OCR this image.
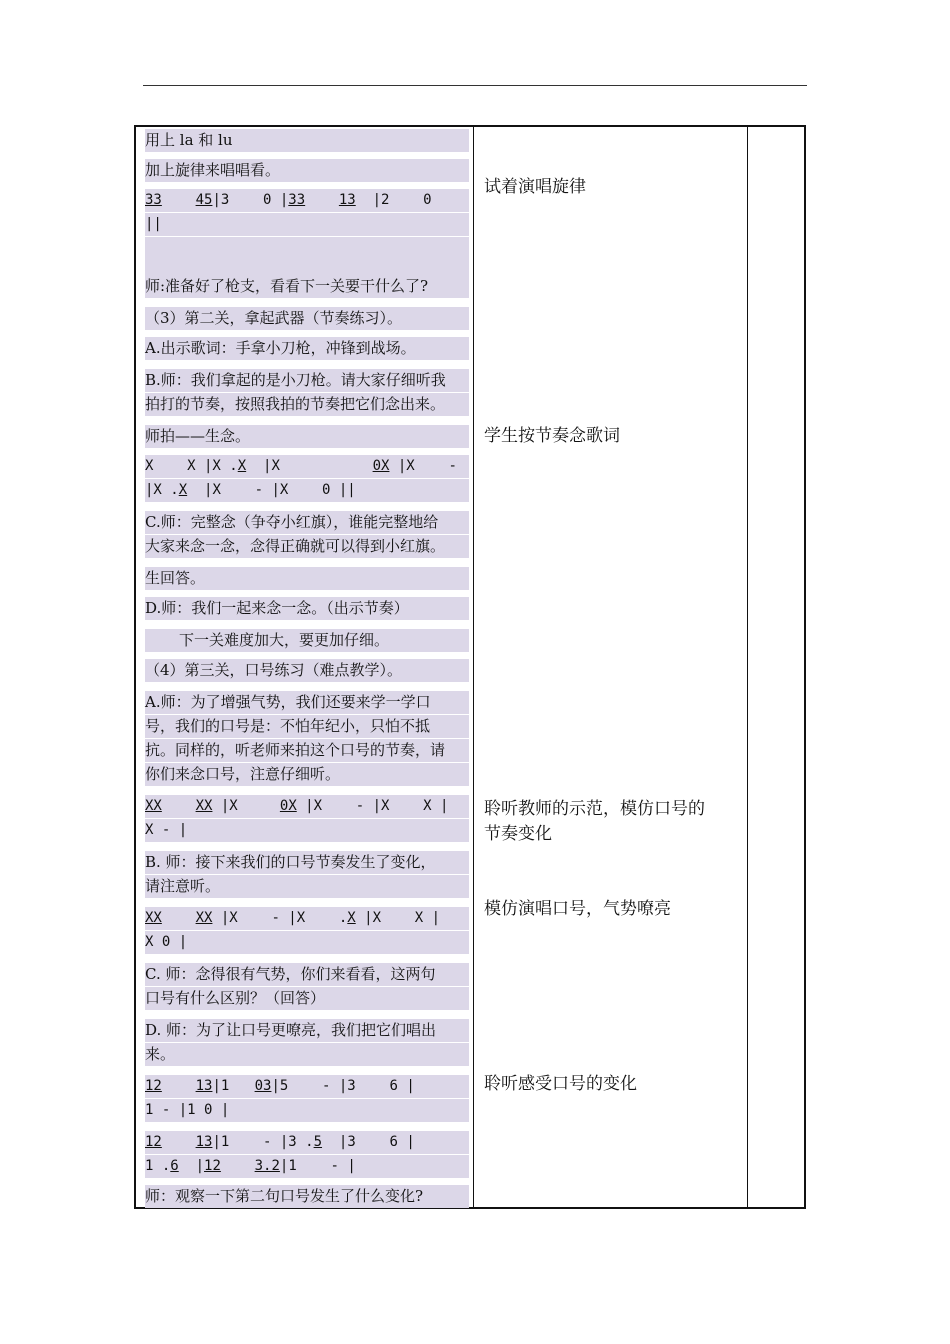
用上 la 和 lu
加上旋律来唱唱看。
33 45|3    0 |33 13 |2    0
||
师:准备好了枪支，看看下一关要干什么了?
（3）第二关，拿起武器（节奏练习）。
A.出示歌词：手拿小刀枪，冲锋到战场。
B.师：我们拿起的是小刀枪。请大家仔细听我
拍打的节奏，按照我拍的节奏把它们念出来。
师拍——生念。
X    X |X .X  |X	0X |X    -
|X .X  |X    - |X    0 ||
C.师：完整念（争夺小红旗），谁能完整地给
大家来念一念，念得正确就可以得到小红旗。
生回答。
D.师：我们一起来念一念。（出示节奏）
下一关难度加大，要更加仔细。
（4）第三关，口号练习（难点教学）。
A.师：为了增强气势，我们还要来学一学口
号，我们的口号是：不怕年纪小，只怕不抵
抗。同样的，听老师来拍这个口号的节奏，请
你们来念口号，注意仔细听。
XX XX |X	0X |X    - |X    X |
X - |
B. 师：接下来我们的口号节奏发生了变化，
请注意听。
XX XX |X    - |X    .X |X    X |
X 0 |
C. 师：念得很有气势，你们来看看，这两句
口号有什么区别？（回答）
D. 师：为了让口号更嘹亮，我们把它们唱出
来。
12 13|1   03|5    - |3    6 |
1 - |1 0 |
12 13|1    - |3 .5  |3    6 |
1 .6  |12 3.2|1    - |
师：观察一下第二句口号发生了什么变化?
试着演唱旋律
学生按节奏念歌词
聆听教师的示范，模仿口号的
节奏变化
模仿演唱口号，气势嘹亮
聆听感受口号的变化
